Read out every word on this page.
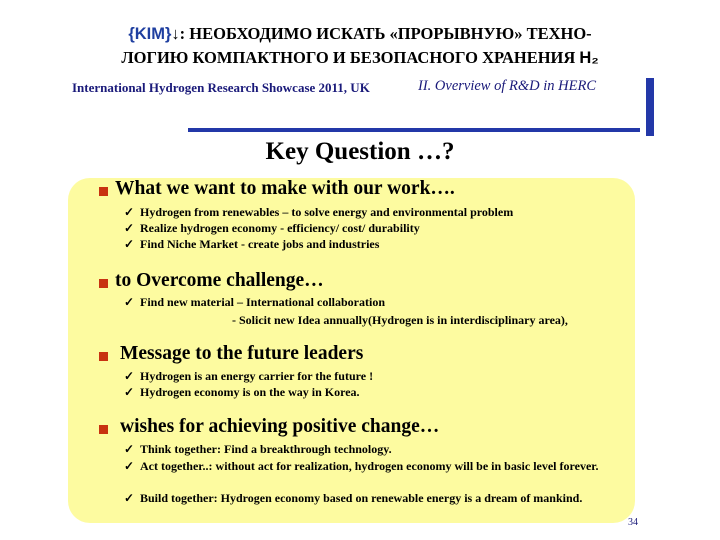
{KIM}↓: НЕОБХОДИМО ИСКАТЬ «ПРОРЫВНУЮ» ТЕХНО-
ЛОГИЮ КОМПАКТНОГО И БЕЗОПАСНОГО ХРАНЕНИЯ H₂
International Hydrogen Research Showcase 2011, UK	II. Overview of R&D in HERC
Key Question …?
What we want to make with our work….
✓ Hydrogen from renewables – to solve energy and environmental problem
✓ Realize hydrogen economy - efficiency/ cost/ durability
✓ Find Niche Market - create jobs and industries
to Overcome challenge…
✓ Find new material – International collaboration
- Solicit new Idea annually(Hydrogen is in interdisciplinary area),
Message to the future leaders
✓ Hydrogen is an energy carrier for the future !
✓ Hydrogen economy is on the way in Korea.
wishes for achieving positive change…
✓ Think together: Find a breakthrough technology.
✓ Act together..: without act for realization, hydrogen economy will be in basic level forever.
✓ Build together: Hydrogen economy based on renewable energy is a dream of mankind.
34
